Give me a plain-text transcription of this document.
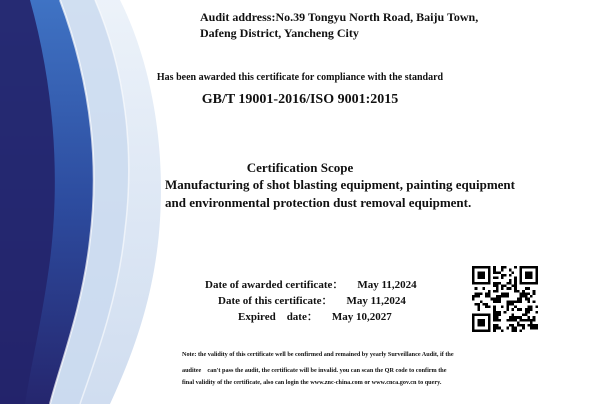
Audit address:No.39 Tongyu North Road, Baiju Town,
Dafeng District, Yancheng City
Has been awarded this certificate for compliance with the standard
GB/T 19001-2016/ISO 9001:2015
Certification Scope
Manufacturing of shot blasting equipment, painting equipment
and environmental protection dust removal equipment.
Date of awarded certificate： May 11,2024
Date of this certificate： May 11,2024
Expired　date： May 10,2027
Note: the validity of this certificate well be confirmed and remained by yearly Surveillance Audit, if the
auditee　can't pass the audit, the certificate will be invalid. you can scan the QR code to confirm the
final validity of the certificate, also can login the www.znc-china.com or www.cnca.gov.cn to query.
